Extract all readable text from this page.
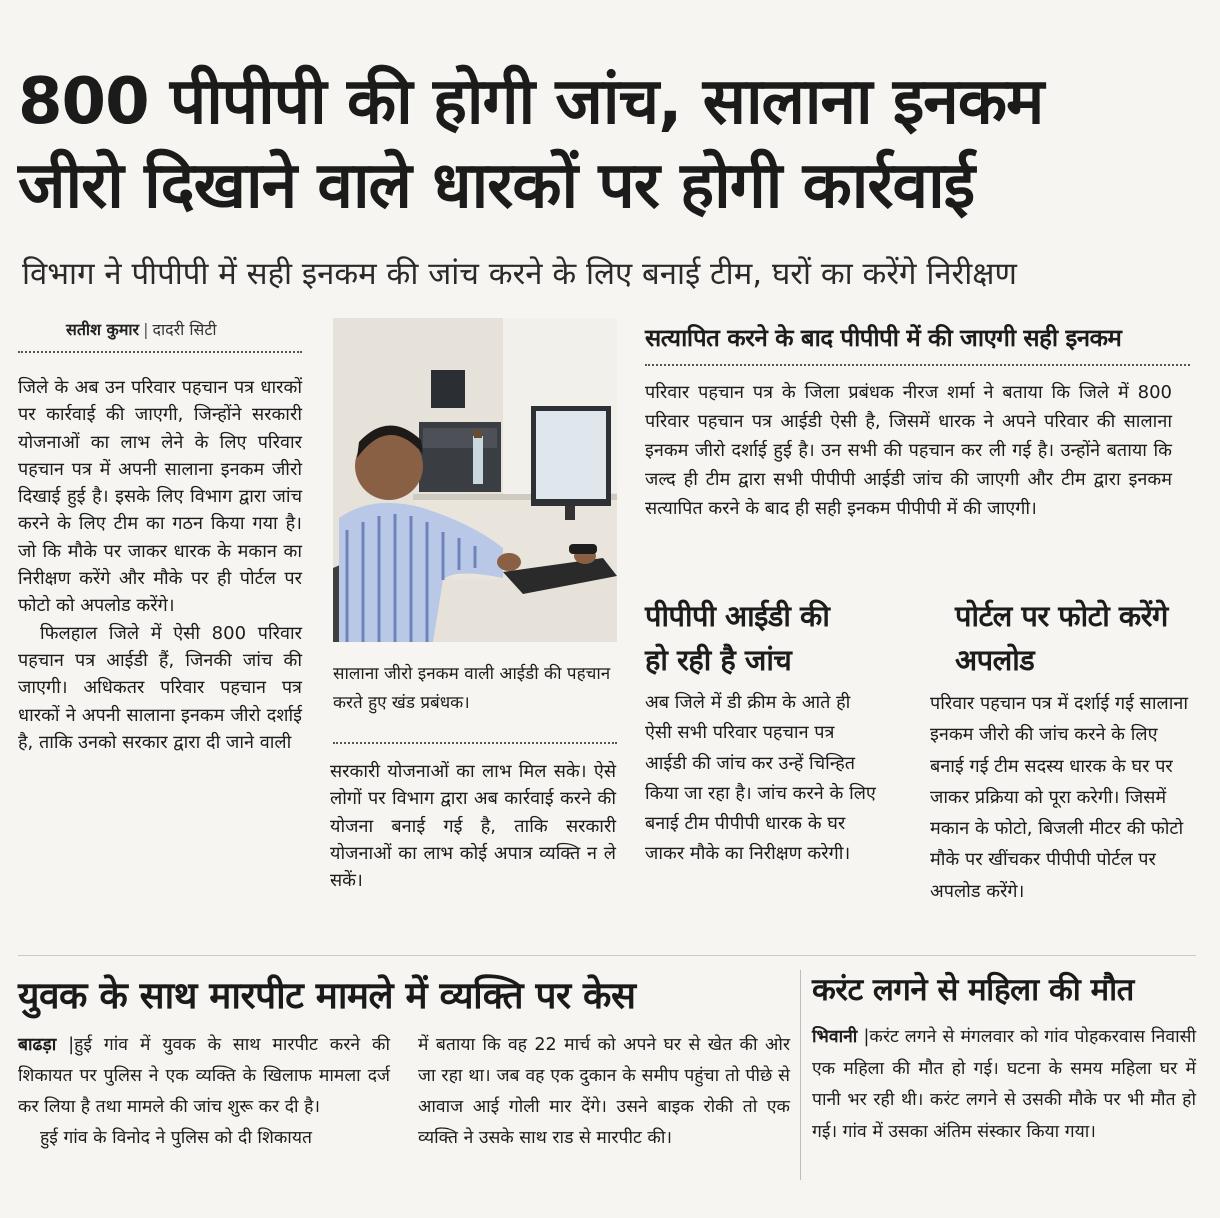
800 पीपीपी की होगी जांच, सालाना इनकम
जीरो दिखाने वाले धारकों पर होगी कार्रवाई
विभाग ने पीपीपी में सही इनकम की जांच करने के लिए बनाई टीम, घरों का करेंगे निरीक्षण
सतीश कुमार | दादरी सिटी

जिले के अब उन परिवार पहचान पत्र धारकों पर कार्रवाई की जाएगी, जिन्होंने सरकारी योजनाओं का लाभ लेने के लिए परिवार पहचान पत्र में अपनी सालाना इनकम जीरो दिखाई हुई है। इसके लिए विभाग द्वारा जांच करने के लिए टीम का गठन किया गया है। जो कि मौके पर जाकर धारक के मकान का निरीक्षण करेंगे और मौके पर ही पोर्टल पर फोटो को अपलोड करेंगे।

फिलहाल जिले में ऐसी 800 परिवार पहचान पत्र आईडी हैं, जिनकी जांच की जाएगी। अधिकतर परिवार पहचान पत्र धारकों ने अपनी सालाना इनकम जीरो दर्शाई है, ताकि उनको सरकार द्वारा दी जाने वाली

सालाना जीरो इनकम वाली आईडी की पहचान करते हुए खंड प्रबंधक।
सरकारी योजनाओं का लाभ मिल सके। ऐसे लोगों पर विभाग द्वारा अब कार्रवाई करने की योजना बनाई गई है, ताकि सरकारी योजनाओं का लाभ कोई अपात्र व्यक्ति न ले सकें।
सत्यापित करने के बाद पीपीपी में की जाएगी सही इनकम
परिवार पहचान पत्र के जिला प्रबंधक नीरज शर्मा ने बताया कि जिले में 800 परिवार पहचान पत्र आईडी ऐसी है, जिसमें धारक ने अपने परिवार की सालाना इनकम जीरो दर्शाई हुई है। उन सभी की पहचान कर ली गई है। उन्होंने बताया कि जल्द ही टीम द्वारा सभी पीपीपी आईडी जांच की जाएगी और टीम द्वारा इनकम सत्यापित करने के बाद ही सही इनकम पीपीपी में की जाएगी।
पीपीपी आईडी की
हो रही है जांच
अब जिले में डी क्रीम के आते ही ऐसी सभी परिवार पहचान पत्र आईडी की जांच कर उन्हें चिन्हित किया जा रहा है। जांच करने के लिए बनाई टीम पीपीपी धारक के घर जाकर मौके का निरीक्षण करेगी।
पोर्टल पर फोटो करेंगे
अपलोड
परिवार पहचान पत्र में दर्शाई गई सालाना इनकम जीरो की जांच करने के लिए बनाई गई टीम सदस्य धारक के घर पर जाकर प्रक्रिया को पूरा करेगी। जिसमें मकान के फोटो, बिजली मीटर की फोटो मौके पर खींचकर पीपीपी पोर्टल पर अपलोड करेंगे।
युवक के साथ मारपीट मामले में व्यक्ति पर केस

बाढड़ा |हुई गांव में युवक के साथ मारपीट करने की शिकायत पर पुलिस ने एक व्यक्ति के खिलाफ मामला दर्ज कर लिया है तथा मामले की जांच शुरू कर दी है।

हुई गांव के विनोद ने पुलिस को दी शिकायत

में बताया कि वह 22 मार्च को अपने घर से खेत की ओर जा रहा था। जब वह एक दुकान के समीप पहुंचा तो पीछे से आवाज आई गोली मार देंगे। उसने बाइक रोकी तो एक व्यक्ति ने उसके साथ राड से मारपीट की।
करंट लगने से महिला की मौत

भिवानी |करंट लगने से मंगलवार को गांव पोहकरवास निवासी एक महिला की मौत हो गई। घटना के समय महिला घर में पानी भर रही थी। करंट लगने से उसकी मौके पर भी मौत हो गई। गांव में उसका अंतिम संस्कार किया गया।
